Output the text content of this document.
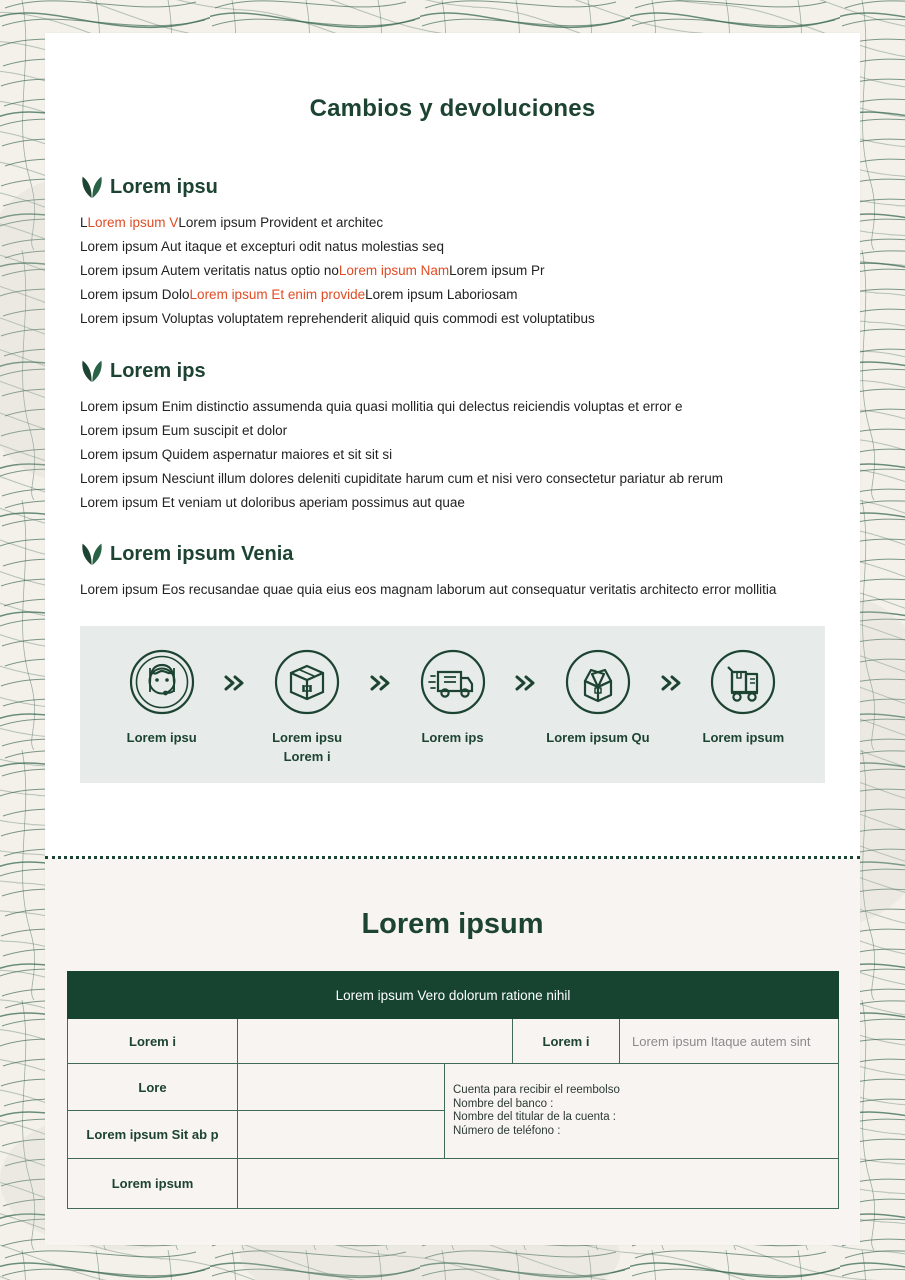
Cambios y devoluciones
Lorem ipsu
LLorem ipsum VLorem ipsum Provident et architec
Lorem ipsum Aut itaque et excepturi odit natus molestias seq
Lorem ipsum Autem veritatis natus optio noLorem ipsum NamLorem ipsum Pr
Lorem ipsum DoloLorem ipsum Et enim provideLorem ipsum Laboriosam
Lorem ipsum Voluptas voluptatem reprehenderit aliquid quis commodi est voluptatibus
Lorem ips
Lorem ipsum Enim distinctio assumenda quia quasi mollitia qui delectus reiciendis voluptas et error e
Lorem ipsum Eum suscipit et dolor
Lorem ipsum Quidem aspernatur maiores et sit sit si
Lorem ipsum Nesciunt illum dolores deleniti cupiditate harum cum et nisi vero consectetur pariatur ab rerum
Lorem ipsum Et veniam ut doloribus aperiam possimus aut quae
Lorem ipsum Venia
Lorem ipsum Eos recusandae quae quia eius eos magnam laborum aut consequatur veritatis architecto error mollitia
Lorem ipsu	Lorem ipsu
Lorem i
Lorem ips	Lorem ipsum Qu	Lorem ipsum
Lorem ipsum
Lorem ipsum Vero dolorum ratione nihil				
Lorem i			Lorem i	Lorem ipsum Itaque autem sint
Lore		Cuenta para recibir el reembolso
Nombre del banco :
Nombre del titular de la cuenta :
Número de teléfono :		

Lorem ipsum Sit ab p				
Lorem ipsum				
